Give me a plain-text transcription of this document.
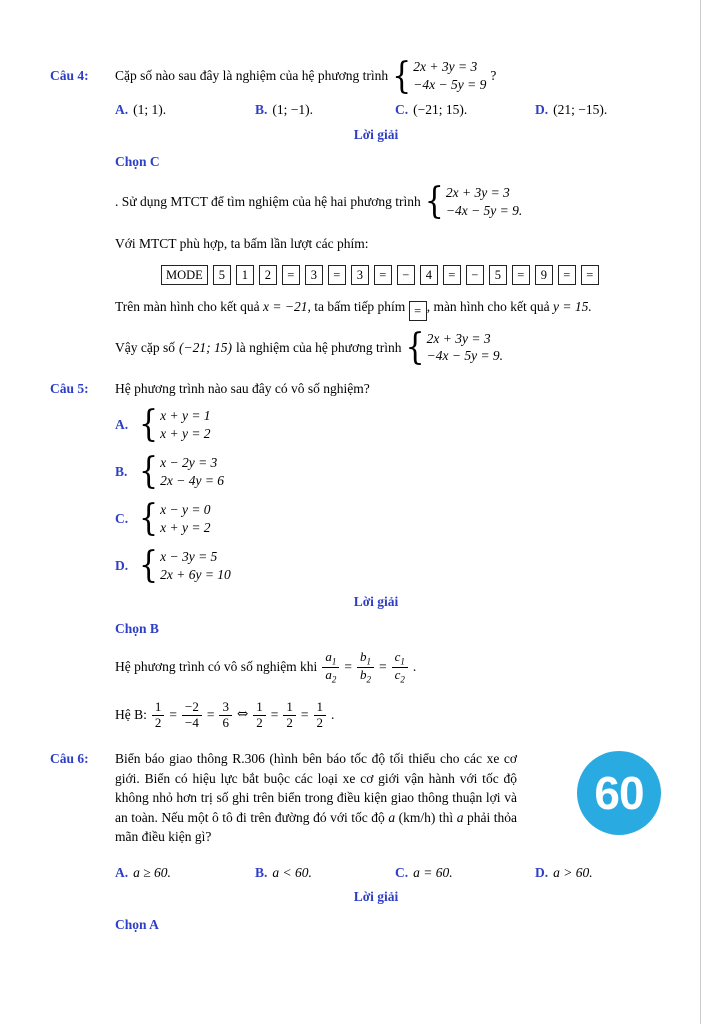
Câu 4:	Cặp số nào sau đây là nghiệm của hệ phương trình { 2x + 3y = 3
−4x − 5y = 9
?
A. (1; 1).	B. (1; −1).	C. (−21; 15).	D. (21; −15).
Lời giải
Chọn C
. Sử dụng MTCT để tìm nghiệm của hệ hai phương trình { 2x + 3y = 3
−4x − 5y = 9.
Với MTCT phù hợp, ta bấm lần lượt các phím:
MODE	5	1	2	=	3	=	3	=	−	4	=	−	5	=	9	=	=
Trên màn hình cho kết quả x = −21, ta bấm tiếp phím = , màn hình cho kết quả y = 15.
Vậy cặp số (−21; 15) là nghiệm của hệ phương trình { 2x + 3y = 3
−4x − 5y = 9.
Câu 5:	Hệ phương trình nào sau đây có vô số nghiệm?
A. { x + y = 1
x + y = 2
B. { x − 2y = 3
2x − 4y = 6
C. { x − y = 0
x + y = 2
D. { x − 3y = 5
2x + 6y = 10
Lời giải
Chọn B
Hệ phương trình có vô số nghiệm khi $\frac{a_1}{a_2} = \frac{b_1}{b_2} = \frac{c_1}{c_2}$ .
Hệ B: $\frac{1}{2} = \frac{-2}{-4} = \frac{3}{6}$ ⇔ $\frac{1}{2} = \frac{1}{2} = \frac{1}{2}$ .
Câu 6:	Biển báo giao thông R.306 (hình bên báo tốc độ tối thiểu cho các xe cơ giới. Biển có hiệu lực bắt buộc các loại xe cơ giới vận hành với tốc độ không nhỏ hơn trị số ghi trên biển trong điều kiện giao thông thuận lợi và an toàn. Nếu một ô tô đi trên đường đó với tốc độ a (km/h) thì a phải thỏa mãn điều kiện gì?

60
A. a ≥ 60.	B. a < 60.	C. a = 60.	D. a > 60.
Lời giải
Chọn A
